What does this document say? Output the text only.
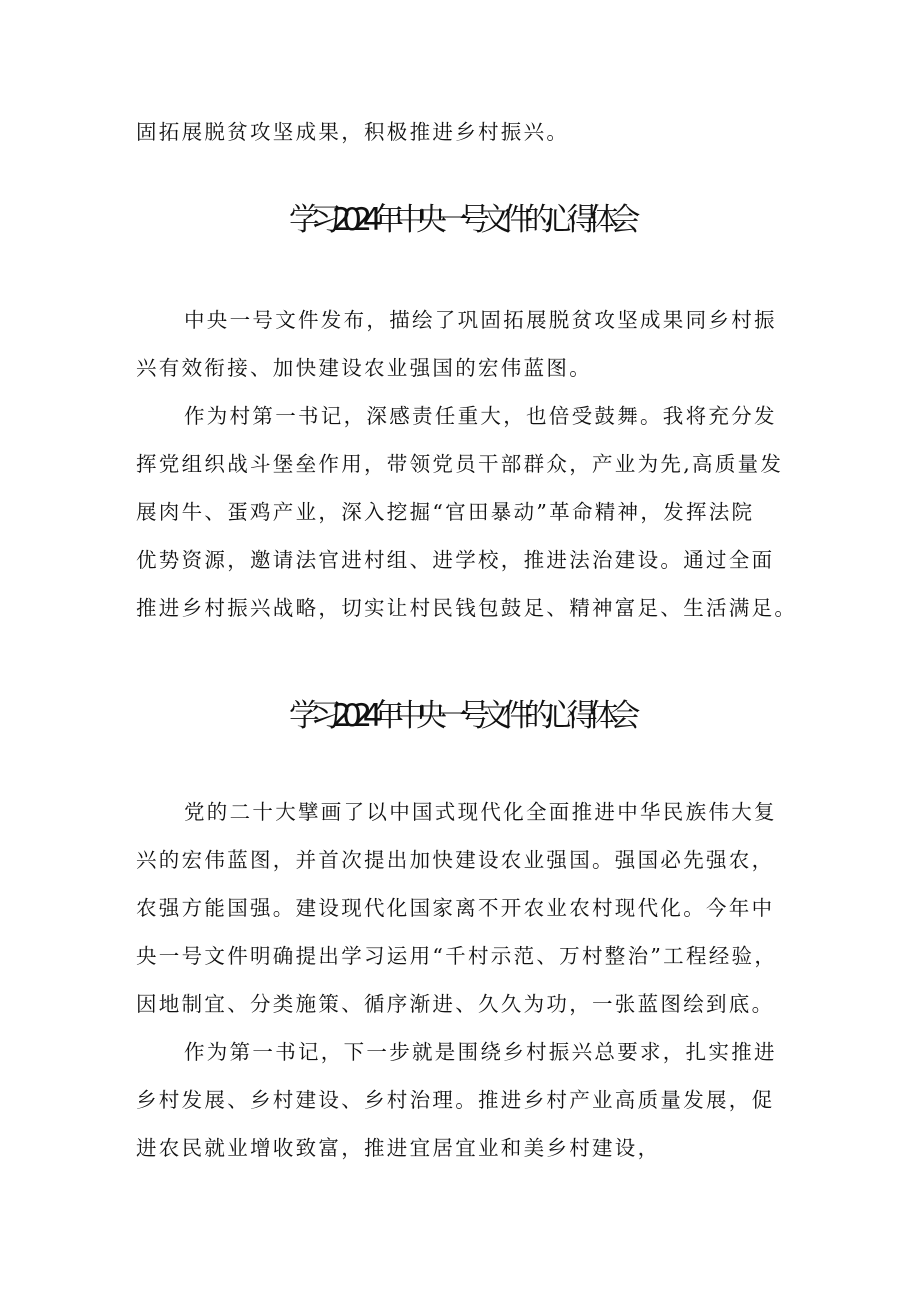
固拓展脱贫攻坚成果，积极推进乡村振兴。
学习2024年中央一号文件的心得体会
中央一号文件发布，描绘了巩固拓展脱贫攻坚成果同乡村振
兴有效衔接、加快建设农业强国的宏伟蓝图。
作为村第一书记，深感责任重大，也倍受鼓舞。我将充分发
挥党组织战斗堡垒作用，带领党员干部群众，产业为先,高质量发
展肉牛、蛋鸡产业，深入挖掘“官田暴动”革命精神，发挥法院
优势资源，邀请法官进村组、进学校，推进法治建设。通过全面
推进乡村振兴战略，切实让村民钱包鼓足、精神富足、生活满足。
学习2024年中央一号文件的心得体会
党的二十大擘画了以中国式现代化全面推进中华民族伟大复
兴的宏伟蓝图，并首次提出加快建设农业强国。强国必先强农，
农强方能国强。建设现代化国家离不开农业农村现代化。今年中
央一号文件明确提出学习运用“千村示范、万村整治”工程经验，
因地制宜、分类施策、循序渐进、久久为功，一张蓝图绘到底。
作为第一书记，下一步就是围绕乡村振兴总要求，扎实推进
乡村发展、乡村建设、乡村治理。推进乡村产业高质量发展，促
进农民就业增收致富，推进宜居宜业和美乡村建设，
